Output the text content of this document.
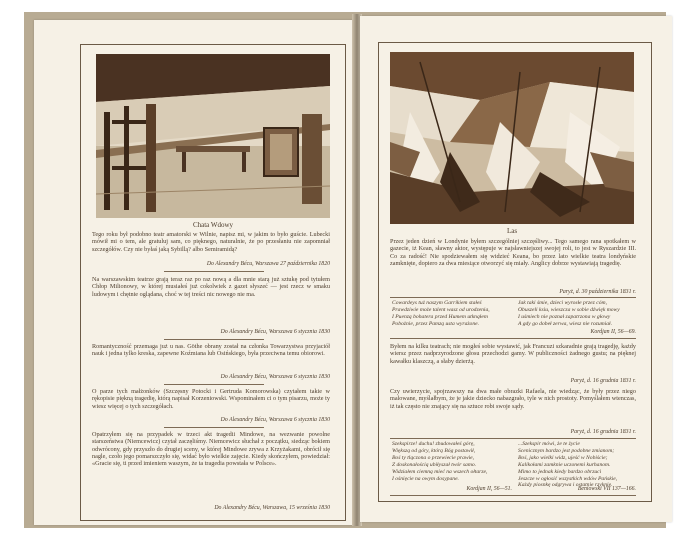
Chata Wdowy

Tego roku był podobno teatr amatorski w Wilnie, napisz mi, w jakim to było guście. Lubecki mówił mi o tem, ale gratuluj sam, co pięknego, naturalnie, że po przesłaniu nie zapomniał szczegółów. Czy nie byłaś jaką Sybillą? albo Semiramidą?

Do Alexandry Bécu, Warszawa 27 października 1820

Na warszawskim teatrze grają teraz raz po raz nową a dla mnie starą już sztukę pod tytułem Chłop Milionowy, w której musiałeś już cokolwiek z gazet słyszeć — jest rzecz w smaku ludowym i chętnie oglądana, choć w tej treści nic nowego nie ma.

Do Alexandry Bécu, Warszawa 6 stycznia 1830

Romantyczność przemaga już u nas. Göthe obrany został na członka Towarzystwa przyjaciół nauk i jedna tylko kreska, zapewne Koźmiana lub Osińskiego, była przeciwna temu obiorowi.

Do Alexandry Bécu, Warszawa 6 stycznia 1830

O parze tych małżonków (Szczęsny Potocki i Gertruda Komorowska) czytałem takie w rękopisie piękną tragedię, którą napisał Korzeniowski. Wspominałem ci o tym pisarzu, może ty wiesz więcej o tych szczegółach.

Do Alexandry Bécu, Warszawa 6 stycznia 1830

Opatrzyłem się na przypadek w trzeci akt tragedii Mindowe, na wezwanie powolne starszeństwa (Niemcewicz) czytał zaczęliśmy. Niemcewicz słuchał z początku, siedząc bokiem odwrócony, gdy przyszło do drugiej sceny, w której Mindowe zrywa z Krzyżakami, obrócił się nagle, czoło jego pomarszczyło się, widać było wielkie zajęcie. Kiedy skończyłem, powiedział: «Gracie się, ti przed imieniem waszym, że ta tragedia powstała w Polsce».

Do Alexandry Bécu, Warszawa, 15 września 1830
Las

Przez jeden dzień w Londynie byłem szczególniej szczęśliwy... Tego samego rana spotkałem w gazecie, iż Kean, sławny aktor, występuje w najsławniejszej swojej roli, to jest w Ryszardzie III. Co za radość! Nie spodziewałem się widzieć Keana, bo przez lato wielkie teatra londyńskie zamknięte, dopiero za dwa miesiące otworzyć się miały. Anglicy dobrze wystawiają tragedię.

Paryż, d. 30 października 1831 r.
Cowardeys tuż naszym Garrikiem stałeś
Prawdziwie może talent wasz od urodzenia,
I Puenzą bohatera przed Humem utknąłem
Pobożnie, przez Pamzą usta wyrażone.
Jak taki śmie, dzieci wyrosłe przez cóm,
Obuszeli ksiu, wieszcza w sobie dźwięk mowy
I uśmiech nie poznał zapatrzona w głowy
A gdy go dobeł zerwa, wiesz nie rozumiał.
Kordjan II, 56—69.

Byłem na kilku teatrach; nie mogłeś sobie wystawić, jak Francuzi szkaradnie grają tragedję, każdy wiersz przez nadprzyrodzone głosu przechodzi gamy. W publiczności żadnego gustu; na pięknej kawałku klaszczą, a słaby dzierżą.

Paryż, d. 16 grudnia 1831 r.

Czy uwierzycie, spojrzawszy na dwa małe obrazki Rafaela, nie wiedząc, że były przez niego malowane, myślałbym, że je jakie dziecko nabazgrało, tyle w nich prostoty. Pomyślałem wtenczas, iż tak często nie znający się na sztuce robi swoje sądy.

Paryż, d. 16 grudnia 1831 r.
Szekspirze! duchu! zbudowałeś górę,
Większą od góry, którą Bóg postawił,
Boś ty tlączona o przewiecie prawie,
Z doskonałością ubiłyszał twór samo.
Widziałem ciemną mieć na wszech ołtarze,
I ośnięcie na owym dosypane.
...Szekspir mówi, że te życie
Scenicznym bardzo jest podobne zmianom;
Boś, jako wielki widz, ujeść w Nobiście;
Kalikołami zamknie uczonemi kurhanom.
Mimo to jednak kiedy bardzo obrzuci
Jeszcze w ogłosić wszystkich wdów Pańskie,
Każdy piosnkę odgrywa i ostatnie rzyknie.
Kordjan II, 56—51.	Beniowski VII 137—166.
